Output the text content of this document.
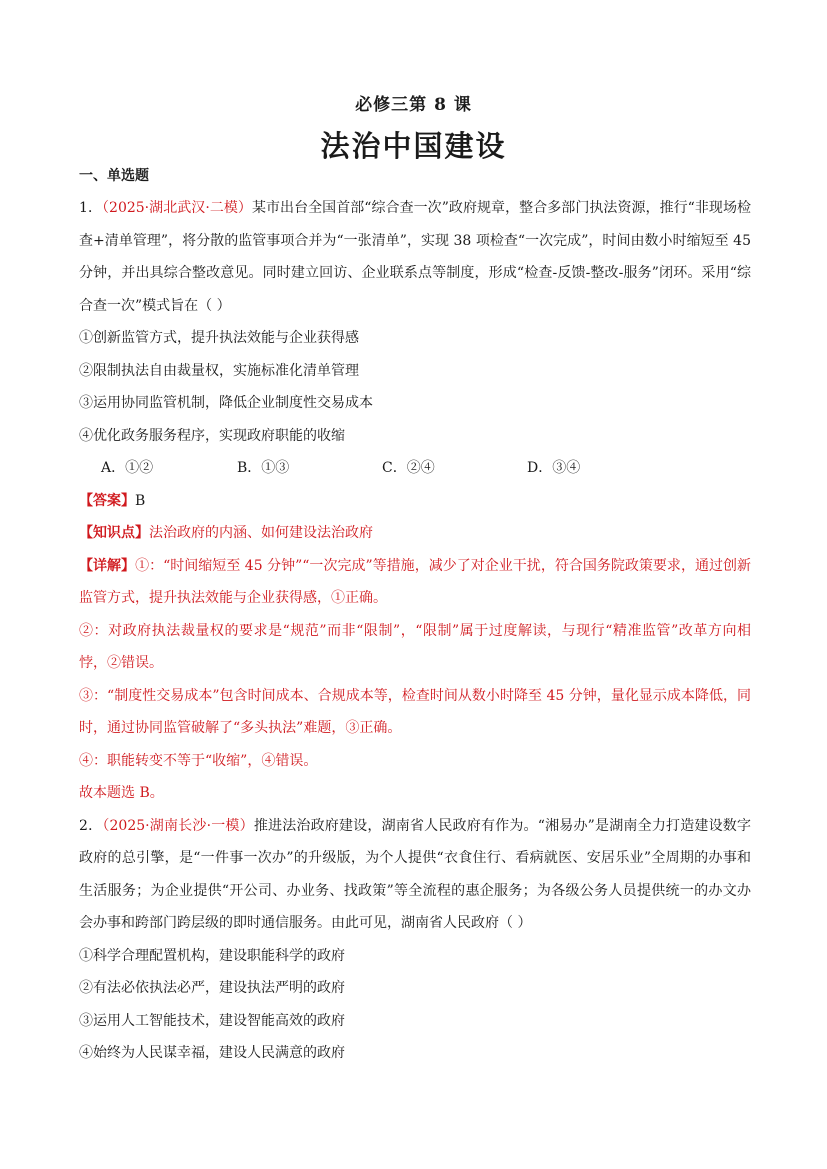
必修三第 8 课
法治中国建设
一、单选题

1．（2025·湖北武汉·二模）某市出台全国首部“综合查一次”政府规章，整合多部门执法资源，推行“非现场检查+清单管理”，将分散的监管事项合并为“一张清单”，实现 38 项检查“一次完成”，时间由数小时缩短至 45 分钟，并出具综合整改意见。同时建立回访、企业联系点等制度，形成“检查-反馈-整改-服务”闭环。采用“综合查一次”模式旨在（ ）

①创新监管方式，提升执法效能与企业获得感

②限制执法自由裁量权，实施标准化清单管理

③运用协同监管机制，降低企业制度性交易成本

④优化政务服务程序，实现政府职能的收缩

A．①②	B．①③	C．②④	D．③④

【答案】B

【知识点】法治政府的内涵、如何建设法治政府

【详解】①：“时间缩短至 45 分钟”“一次完成”等措施，减少了对企业干扰，符合国务院政策要求，通过创新监管方式，提升执法效能与企业获得感，①正确。

②：对政府执法裁量权的要求是“规范”而非“限制”，“限制”属于过度解读，与现行“精准监管”改革方向相悖，②错误。

③：“制度性交易成本”包含时间成本、合规成本等，检查时间从数小时降至 45 分钟，量化显示成本降低，同时，通过协同监管破解了“多头执法”难题，③正确。

④：职能转变不等于“收缩”，④错误。

故本题选 B。

2．（2025·湖南长沙·一模）推进法治政府建设，湖南省人民政府有作为。“湘易办”是湖南全力打造建设数字政府的总引擎，是“一件事一次办”的升级版，为个人提供“衣食住行、看病就医、安居乐业”全周期的办事和生活服务；为企业提供“开公司、办业务、找政策”等全流程的惠企服务；为各级公务人员提供统一的办文办会办事和跨部门跨层级的即时通信服务。由此可见，湖南省人民政府（ ）

①科学合理配置机构，建设职能科学的政府

②有法必依执法必严，建设执法严明的政府

③运用人工智能技术，建设智能高效的政府

④始终为人民谋幸福，建设人民满意的政府
